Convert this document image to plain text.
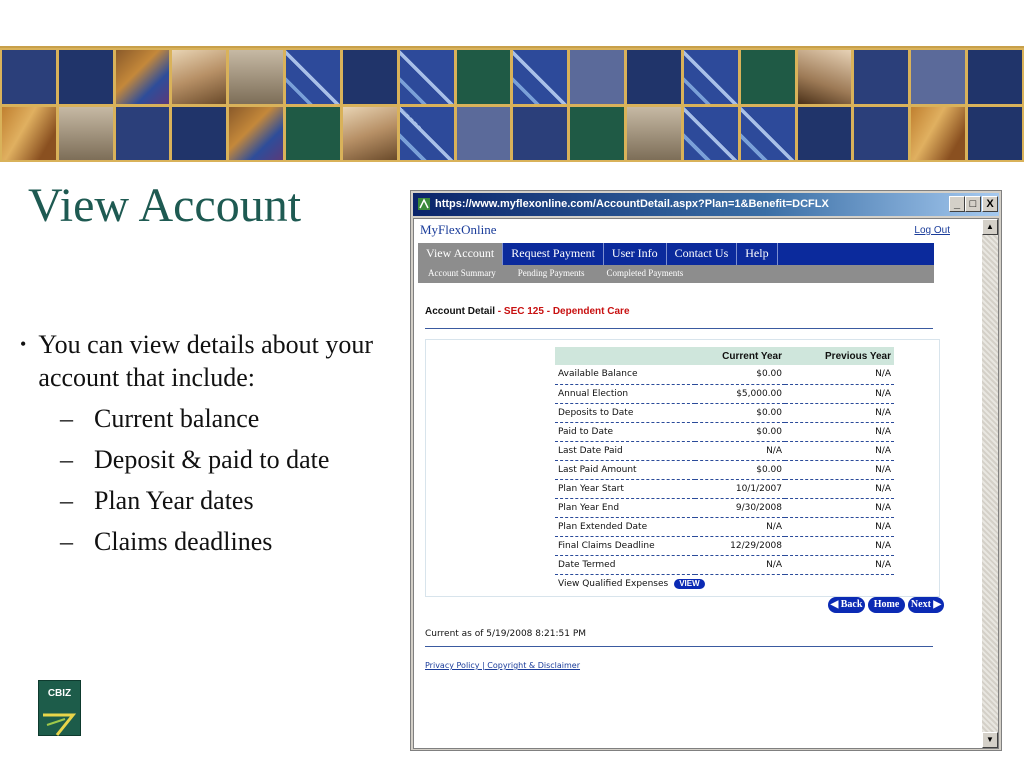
View Account
• You can view details about your account that include:
– Current balance
– Deposit & paid to date
– Plan Year dates
– Claims deadlines
CBIZ
https://www.myflexonline.com/AccountDetail.aspx?Plan=1&Benefit=DCFLX	_ □ X
MyFlexOnline	Log Out
View Account	Request Payment	User Info	Contact Us	Help
Account Summary	Pending Payments	Completed Payments
Account Detail - SEC 125 - Dependent Care
	Current Year	Previous Year
Available Balance	$0.00	N/A
Annual Election	$5,000.00	N/A
Deposits to Date	$0.00	N/A
Paid to Date	$0.00	N/A
Last Date Paid	N/A	N/A
Last Paid Amount	$0.00	N/A
Plan Year Start	10/1/2007	N/A
Plan Year End	9/30/2008	N/A
Plan Extended Date	N/A	N/A
Final Claims Deadline	12/29/2008	N/A
Date Termed	N/A	N/A
View Qualified Expenses VIEW		
◀ Back	Home	Next ▶
Current as of 5/19/2008 8:21:51 PM
Privacy Policy | Copyright & Disclaimer
▲
▼
